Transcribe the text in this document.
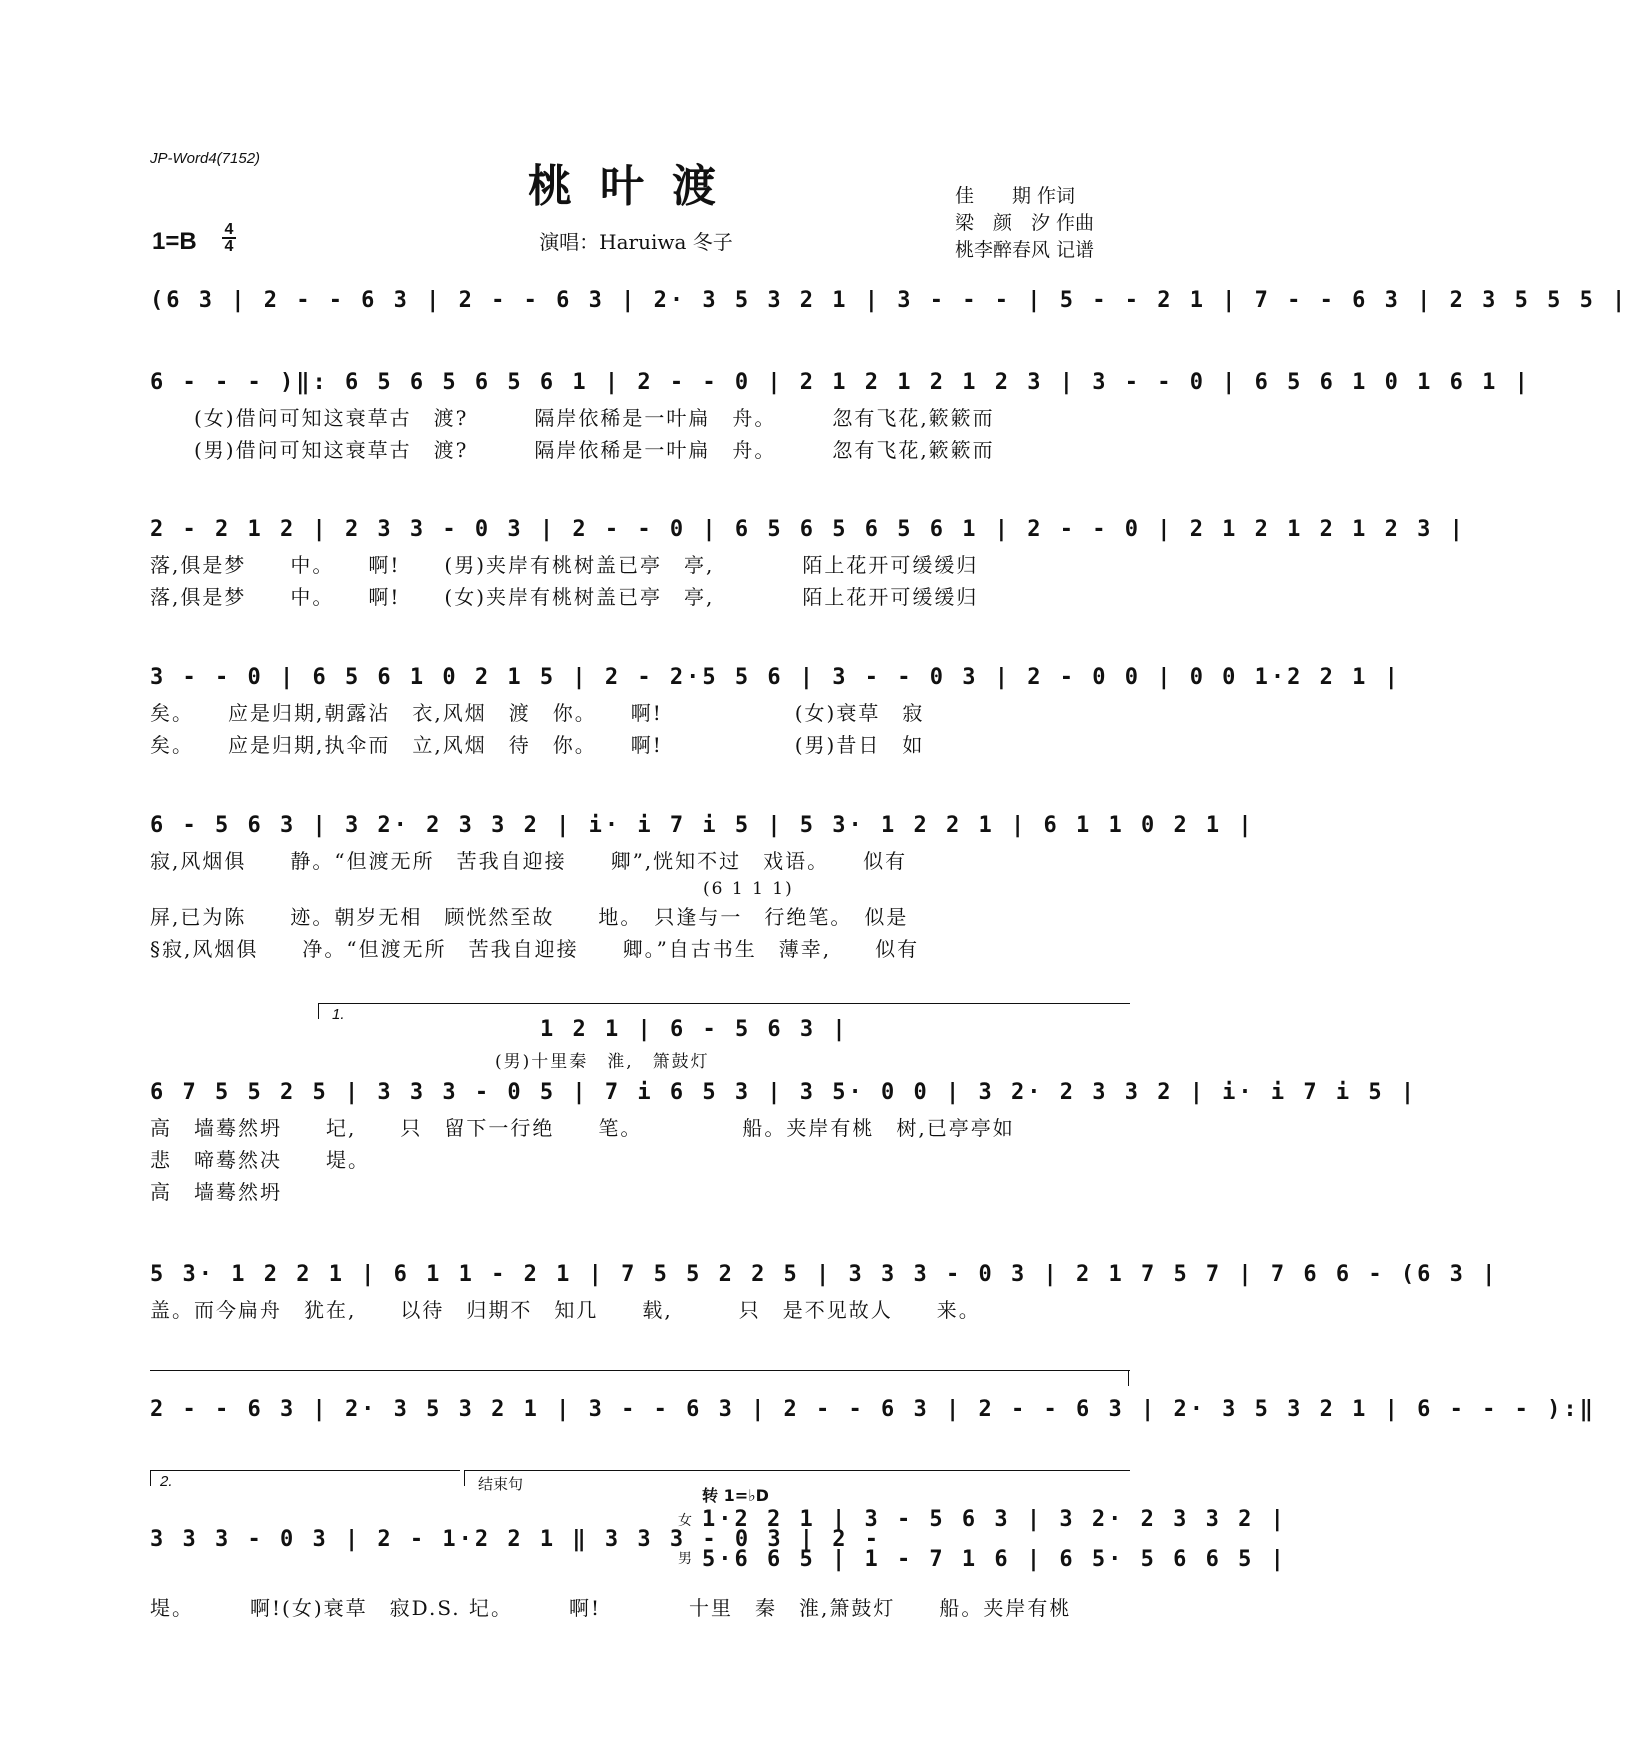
JP-Word4(7152)
桃叶渡
演唱：Haruiwa 冬子
佳　　期 作词
梁　颜　汐 作曲
桃李醉春风 记谱
1=B 4
4
(6 3 | 2 - - 6 3 | 2 - - 6 3 | 2· 3 5 3 2 1 | 3 - - - | 5 - - 2 1 | 7 - - 6 3 | 2 3 5 5 5 |
6 - - - )‖: 6 5 6 5 6 5 6 1 | 2 - - 0 | 2 1 2 1 2 1 2 3 | 3 - - 0 | 6 5 6 1 0 1 6 1 |
　　(女)借问可知这衰草古　渡?　　　隔岸依稀是一叶扁　舟。　　　忽有飞花,簌簌而
　　(男)借问可知这衰草古　渡?　　　隔岸依稀是一叶扁　舟。　　　忽有飞花,簌簌而
2 - 2 1 2 | 2 3 3 - 0 3 | 2 - - 0 | 6 5 6 5 6 5 6 1 | 2 - - 0 | 2 1 2 1 2 1 2 3 |
落,俱是梦　　中。　　啊!　　(男)夹岸有桃树盖已亭　亭,　　　　陌上花开可缓缓归
落,俱是梦　　中。　　啊!　　(女)夹岸有桃树盖已亭　亭,　　　　陌上花开可缓缓归
3 - - 0 | 6 5 6 1 0 2 1 5 | 2 - 2·5 5 6 | 3 - - 0 3 | 2 - 0 0 | 0 0 1·2 2 1 |
矣。　　应是归期,朝露沾　衣,风烟　渡　你。　　啊!　　　　　　(女)衰草　寂
矣。　　应是归期,执伞而　立,风烟　待　你。　　啊!　　　　　　(男)昔日　如
6 - 5 6 3 | 3 2· 2 3 3 2 | i· i 7 i 5 | 5 3· 1 2 2 1 | 6 1 1 0 2 1 |
寂,风烟俱　　静。“但渡无所　苦我自迎接　　卿”,恍知不过　戏语。　　似有
　　　　　　　　　　　　　　　　　　　　　　　　　　　(6 1 1 1)
屏,已为陈　　迹。朝岁无相　顾恍然至故　　地。　只逢与一　行绝笔。　似是
§寂,风烟俱　　净。“但渡无所　苦我自迎接　　卿。”自古书生　薄幸,　　似有
1.
1 2 1 | 6 - 5 6 3 |
(男)十里秦　淮,　箫鼓灯
6 7 5 5 2 5 | 3 3 3 - 0 5 | 7 i 6 5 3 | 3 5· 0 0 | 3 2· 2 3 3 2 | i· i 7 i 5 |
高　墙蓦然坍　　圮,　　只　留下一行绝　　笔。　　　　　船。夹岸有桃　树,已亭亭如
悲　啼蓦然决　　堤。
高　墙蓦然坍
5 3· 1 2 2 1 | 6 1 1 - 2 1 | 7 5 5 2 2 5 | 3 3 3 - 0 3 | 2 1 7 5 7 | 7 6 6 - (6 3 |
盖。而今扁舟　犹在,　　以待　归期不　知几　　载,　　　只　是不见故人　　来。
2 - - 6 3 | 2· 3 5 3 2 1 | 3 - - 6 3 | 2 - - 6 3 | 2 - - 6 3 | 2· 3 5 3 2 1 | 6 - - - ):‖
2.	结束句
转 1=♭D
3 3 3 - 0 3 | 2 - 1·2 2 1 ‖ 3 3 3 - 0 3 | 2 -
女
男
1·2 2 1 | 3 - 5 6 3 | 3 2· 2 3 3 2 |
5·6 6 5 | 1 - 7 1 6 | 6 5· 5 6 6 5 |
堤。　　　啊!(女)衰草　寂D.S. 圮。　　　啊!　　　　十里　秦　淮,箫鼓灯　　船。夹岸有桃
